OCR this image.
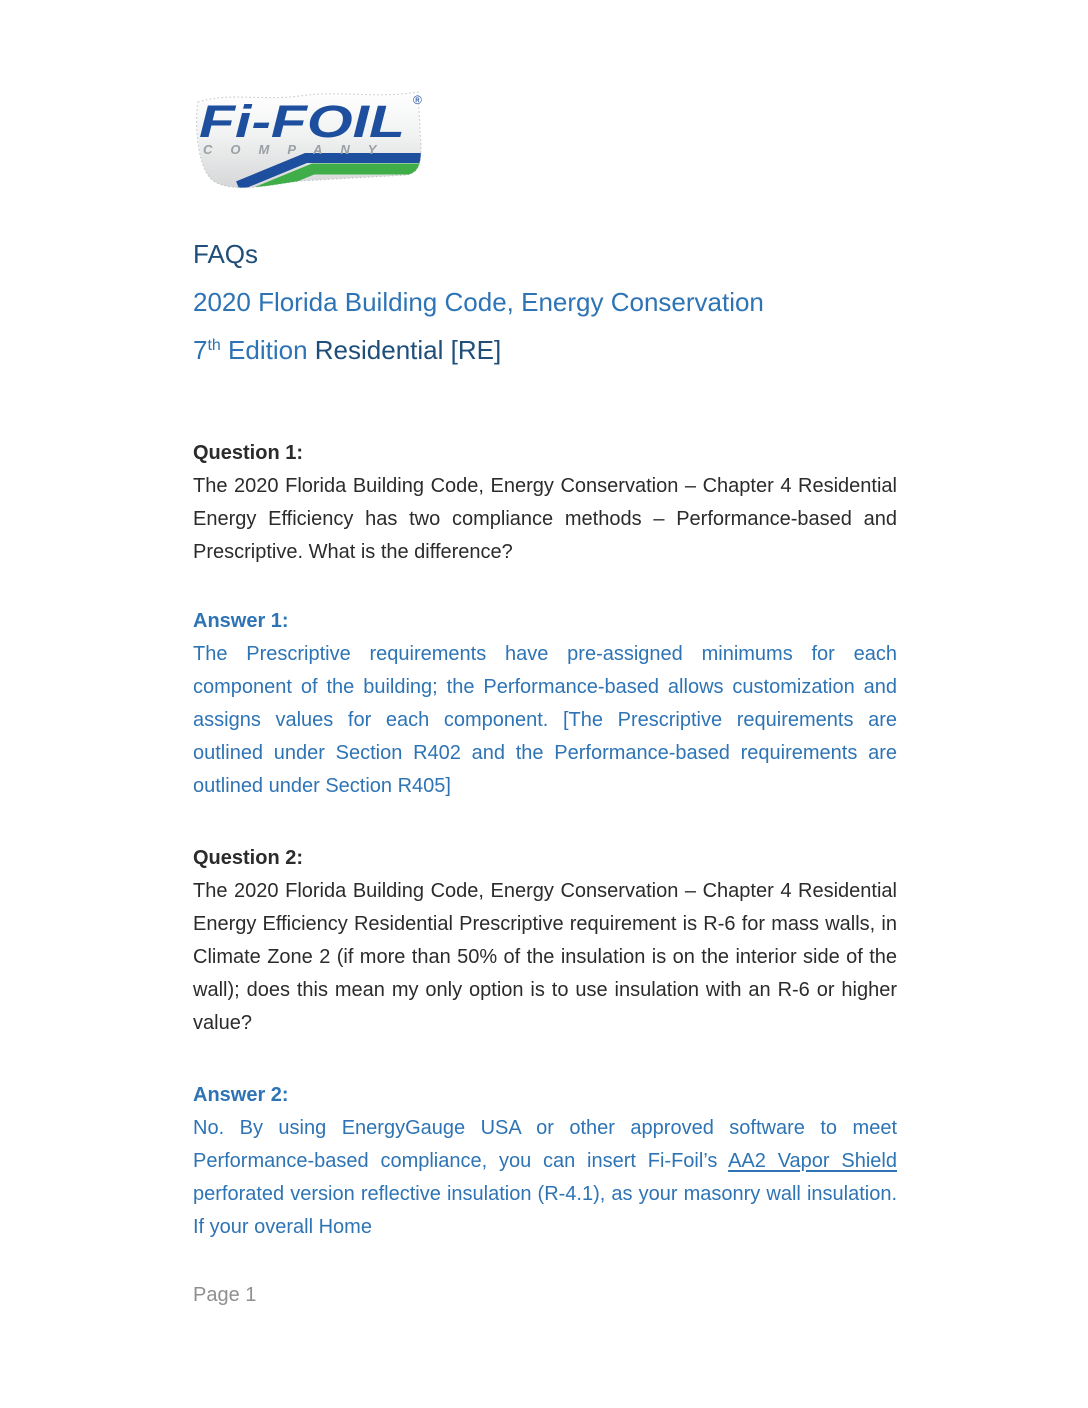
Fi-FOIL ®
COMPANY
FAQs
2020 Florida Building Code, Energy Conservation
7th Edition Residential [RE]

Question 1:

The 2020 Florida Building Code, Energy Conservation – Chapter 4 Residential Energy Efficiency has two compliance methods – Performance-based and Prescriptive. What is the difference?

Answer 1:

The Prescriptive requirements have pre-assigned minimums for each component of the building; the Performance-based allows customization and assigns values for each component. [The Prescriptive requirements are outlined under Section R402 and the Performance-based requirements are outlined under Section R405]

Question 2:

The 2020 Florida Building Code, Energy Conservation – Chapter 4 Residential Energy Efficiency Residential Prescriptive requirement is R-6 for mass walls, in Climate Zone 2 (if more than 50% of the insulation is on the interior side of the wall); does this mean my only option is to use insulation with an R-6 or higher value?

Answer 2:

No. By using EnergyGauge USA or other approved software to meet Performance-based compliance, you can insert Fi-Foil’s AA2 Vapor Shield perforated version reflective insulation (R-4.1), as your masonry wall insulation. If your overall Home

Page 1
